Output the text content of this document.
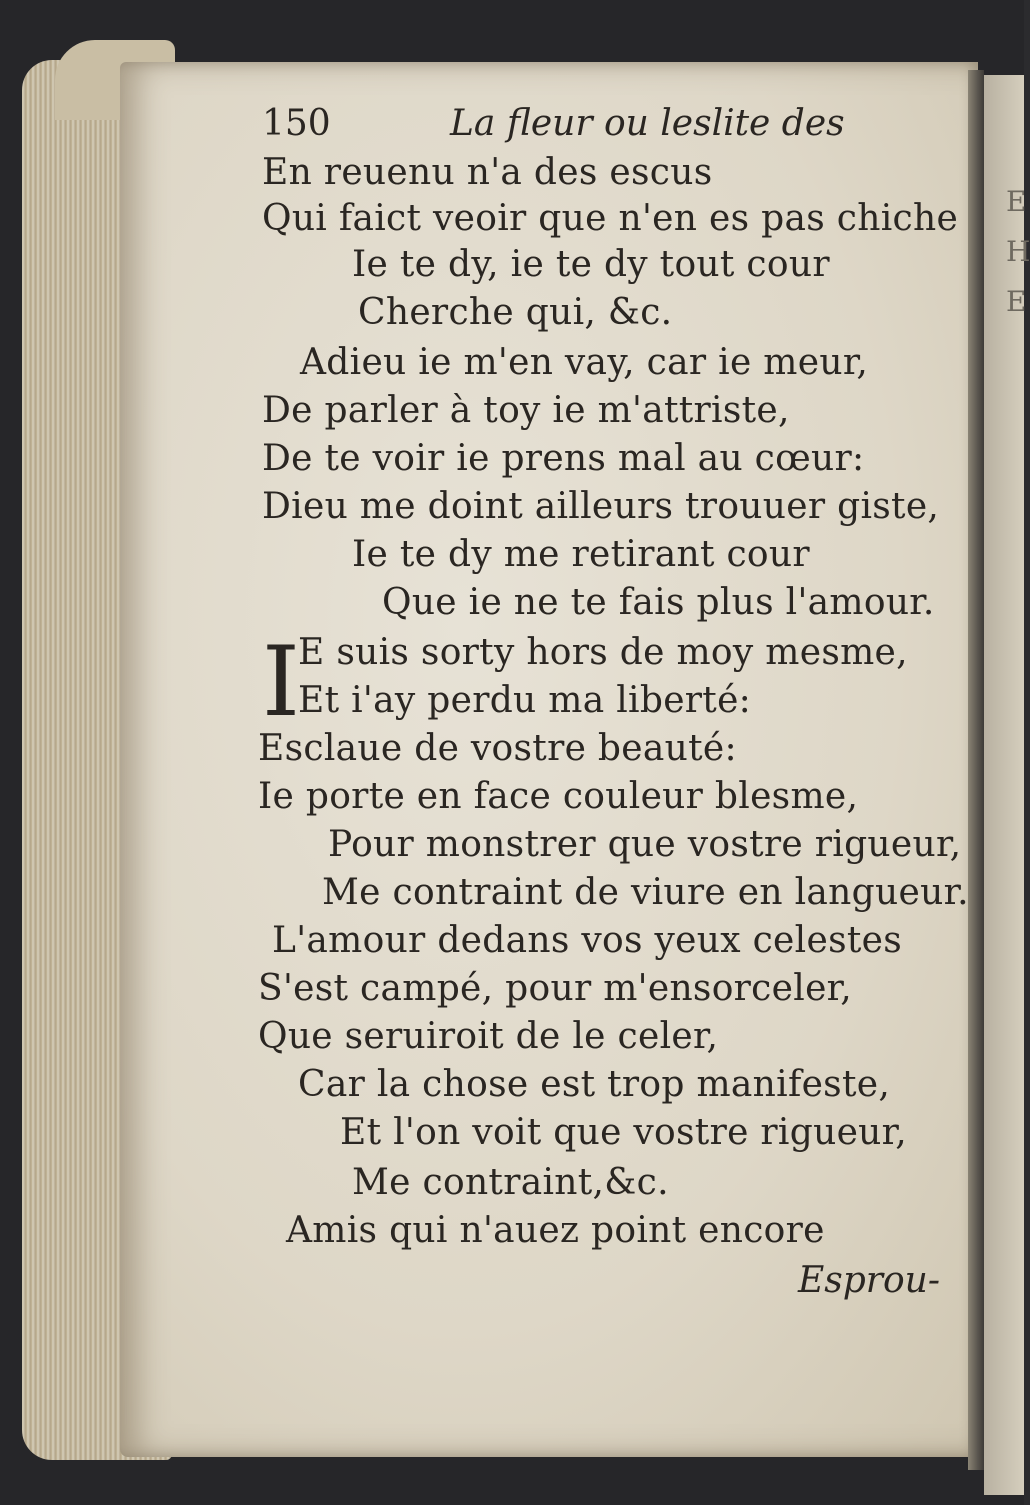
E
H
E
150	La fleur ou leslite des
En reuenu n'a des escus
Qui faict veoir que n'en es pas chiche
Ie te dy, ie te dy tout cour
Cherche qui, &c.
Adieu ie m'en vay, car ie meur,
De parler à toy ie m'attriste,
De te voir ie prens mal au cœur:
Dieu me doint ailleurs trouuer giste,
Ie te dy me retirant cour
Que ie ne te fais plus l'amour.
I
E suis sorty hors de moy mesme,
Et i'ay perdu ma liberté:
Esclaue de vostre beauté:
Ie porte en face couleur blesme,
Pour monstrer que vostre rigueur,
Me contraint de viure en langueur.
L'amour dedans vos yeux celestes
S'est campé, pour m'ensorceler,
Que seruiroit de le celer,
Car la chose est trop manifeste,
Et l'on voit que vostre rigueur,
Me contraint,&c.
Amis qui n'auez point encore
Esprou-
